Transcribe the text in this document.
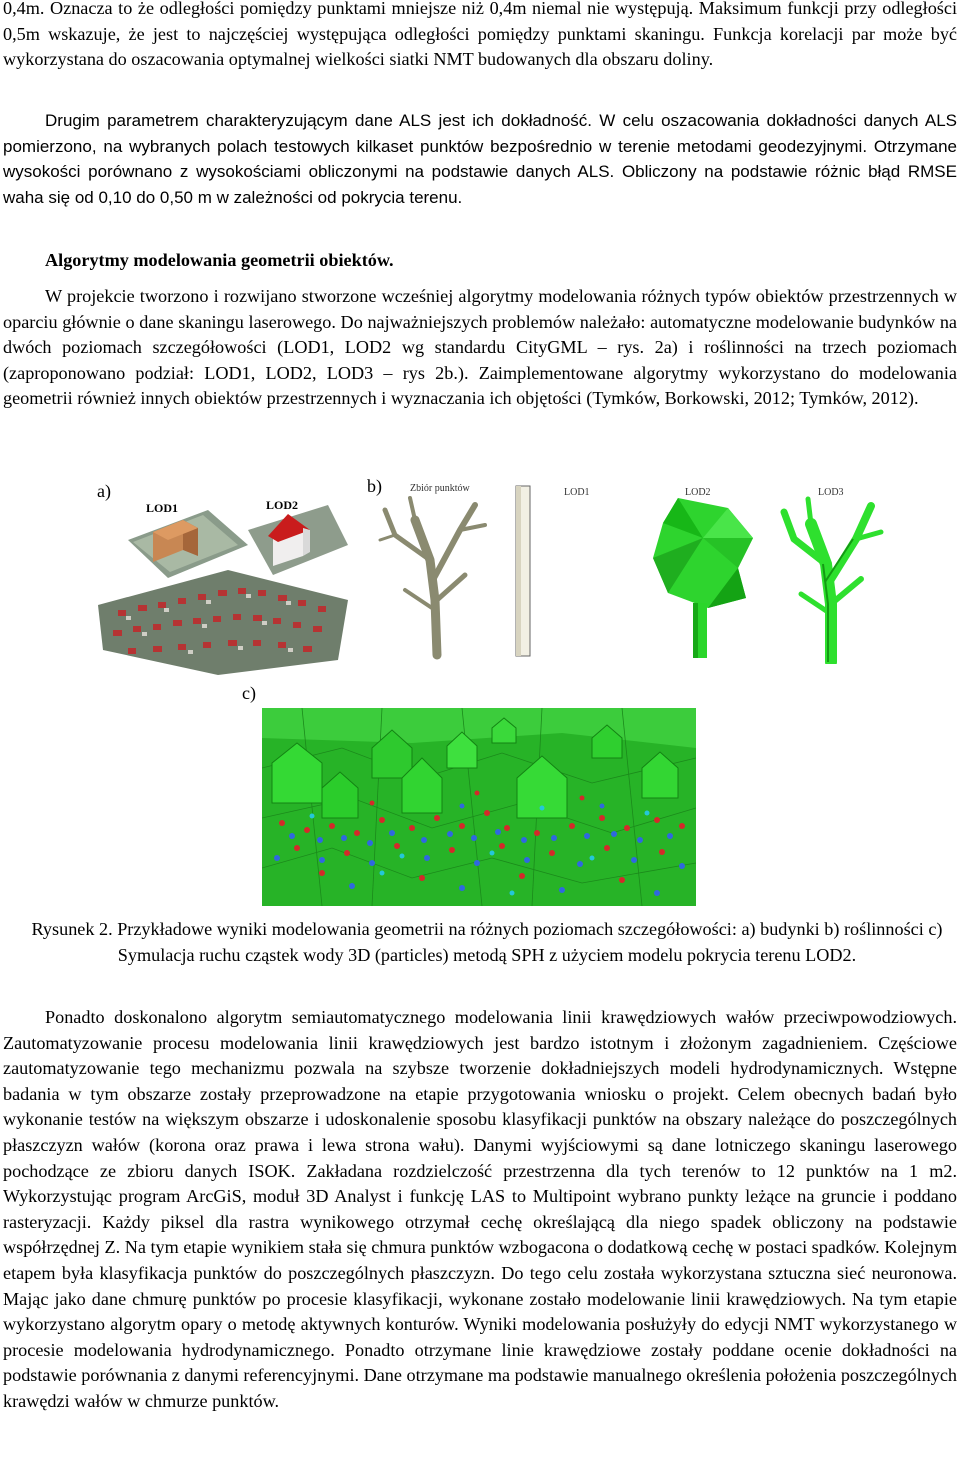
0,4m. Oznacza to że odległości pomiędzy punktami mniejsze niż 0,4m niemal nie występują. Maksimum funkcji przy odległości 0,5m wskazuje, że jest to najczęściej występująca odległości pomiędzy punktami skaningu. Funkcja korelacji par może być wykorzystana do oszacowania optymalnej wielkości siatki NMT budowanych dla obszaru doliny.

Drugim parametrem charakteryzującym dane ALS jest ich dokładność. W celu oszacowania dokładności danych ALS pomierzono, na wybranych polach testowych kilkaset punktów bezpośrednio w terenie metodami geodezyjnymi. Otrzymane wysokości porównano z wysokościami obliczonymi na podstawie danych ALS. Obliczony na podstawie różnic błąd RMSE waha się od 0,10 do 0,50 m w zależności od pokrycia terenu.

Algorytmy modelowania geometrii obiektów.

W projekcie tworzono i rozwijano stworzone wcześniej algorytmy modelowania różnych typów obiektów przestrzennych w oparciu głównie o dane skaningu laserowego. Do najważniejszych problemów należało: automatyczne modelowanie budynków na dwóch poziomach szczegółowości (LOD1, LOD2 wg standardu CityGML – rys. 2a) i roślinności na trzech poziomach (zaproponowano podział: LOD1, LOD2, LOD3 – rys 2b.). Zaimplementowane algorytmy wykorzystano do modelowania geometrii również innych obiektów przestrzennych i wyznaczania ich objętości (Tymków, Borkowski, 2012; Tymków, 2012).

a)	b)
c)
LOD1	LOD2
Zbiór punktów	LOD1	LOD2	LOD3

Rysunek 2. Przykładowe wyniki modelowania geometrii na różnych poziomach szczegółowości: a) budynki b) roślinności c) Symulacja ruchu cząstek wody 3D (particles) metodą SPH z użyciem modelu pokrycia terenu LOD2.

Ponadto doskonalono algorytm semiautomatycznego modelowania linii krawędziowych wałów przeciwpowodziowych. Zautomatyzowanie procesu modelowania linii krawędziowych jest bardzo istotnym i złożonym zagadnieniem. Częściowe zautomatyzowanie tego mechanizmu pozwala na szybsze tworzenie dokładniejszych modeli hydrodynamicznych. Wstępne badania w tym obszarze zostały przeprowadzone na etapie przygotowania wniosku o projekt. Celem obecnych badań było wykonanie testów na większym obszarze i udoskonalenie sposobu klasyfikacji punktów na obszary należące do poszczególnych płaszczyzn wałów (korona oraz prawa i lewa strona wału). Danymi wyjściowymi są dane lotniczego skaningu laserowego pochodzące ze zbioru danych ISOK. Zakładana rozdzielczość przestrzenna dla tych terenów to 12 punktów na 1 m2. Wykorzystując program ArcGiS, moduł 3D Analyst i funkcję LAS to Multipoint wybrano punkty leżące na gruncie i poddano rasteryzacji. Każdy piksel dla rastra wynikowego otrzymał cechę określającą dla niego spadek obliczony na podstawie współrzędnej Z. Na tym etapie wynikiem stała się chmura punktów wzbogacona o dodatkową cechę w postaci spadków. Kolejnym etapem była klasyfikacja punktów do poszczególnych płaszczyzn. Do tego celu została wykorzystana sztuczna sieć neuronowa. Mając jako dane chmurę punktów po procesie klasyfikacji, wykonane zostało modelowanie linii krawędziowych. Na tym etapie wykorzystano algorytm opary o metodę aktywnych konturów. Wyniki modelowania posłużyły do edycji NMT wykorzystanego w procesie modelowania hydrodynamicznego. Ponadto otrzymane linie krawędziowe zostały poddane ocenie dokładności na podstawie porównania z danymi referencyjnymi. Dane otrzymane ma podstawie manualnego określenia położenia poszczególnych krawędzi wałów w chmurze punktów.
